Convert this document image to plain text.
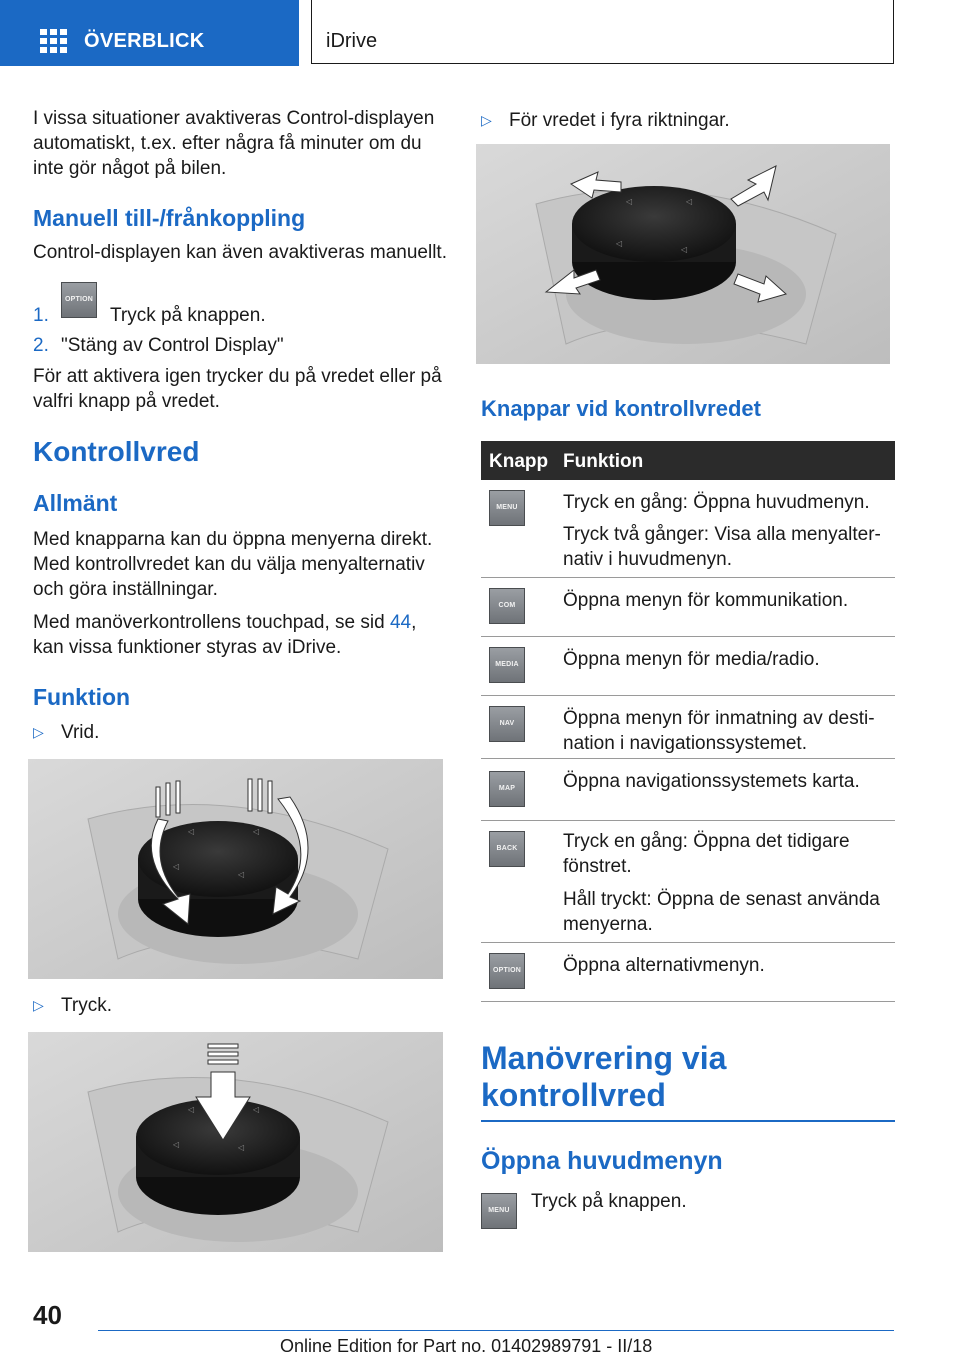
ÖVERBLICK	iDrive

I vissa situationer avaktiveras Control-displayen automatiskt, t.ex. efter några få minuter om du inte gör något på bilen.

Manuell till-/frånkoppling

Control-displayen kan även avaktiveras manuellt.

1.
OPTION
Tryck på knappen.
2. "Stäng av Control Display"

För att aktivera igen trycker du på vredet eller på valfri knapp på vredet.

Kontrollvred
Allmänt

Med knapparna kan du öppna menyerna direkt. Med kontrollvredet kan du välja menyalternativ och göra inställningar.

Med manöverkontrollens touchpad, se sid 44,
kan vissa funktioner styras av iDrive.

Funktion
▷ Vrid.
◁	◁
◁
◁
▷ Tryck.
◁	◁
◁	◁
▷ För vredet i fyra riktningar.
◁	◁
◁
◁
Knappar vid kontrollvredet
Knapp Funktion
MENU	Tryck en gång: Öppna huvudmenyn.
Tryck två gånger: Visa alla menyalter-nativ i huvudmenyn.
COM	Öppna menyn för kommunikation.
MEDIA	Öppna menyn för media/radio.
NAV	Öppna menyn för inmatning av desti-nation i navigationssystemet.
MAP	Öppna navigationssystemets karta.
BACK	Tryck en gång: Öppna det tidigare fönstret.
Håll tryckt: Öppna de senast använda menyerna.
OPTION Öppna alternativmenyn.
Manövrering via
kontrollvred
Öppna huvudmenyn
MENU	Tryck på knappen.
40
Online Edition for Part no. 01402989791 - II/18
